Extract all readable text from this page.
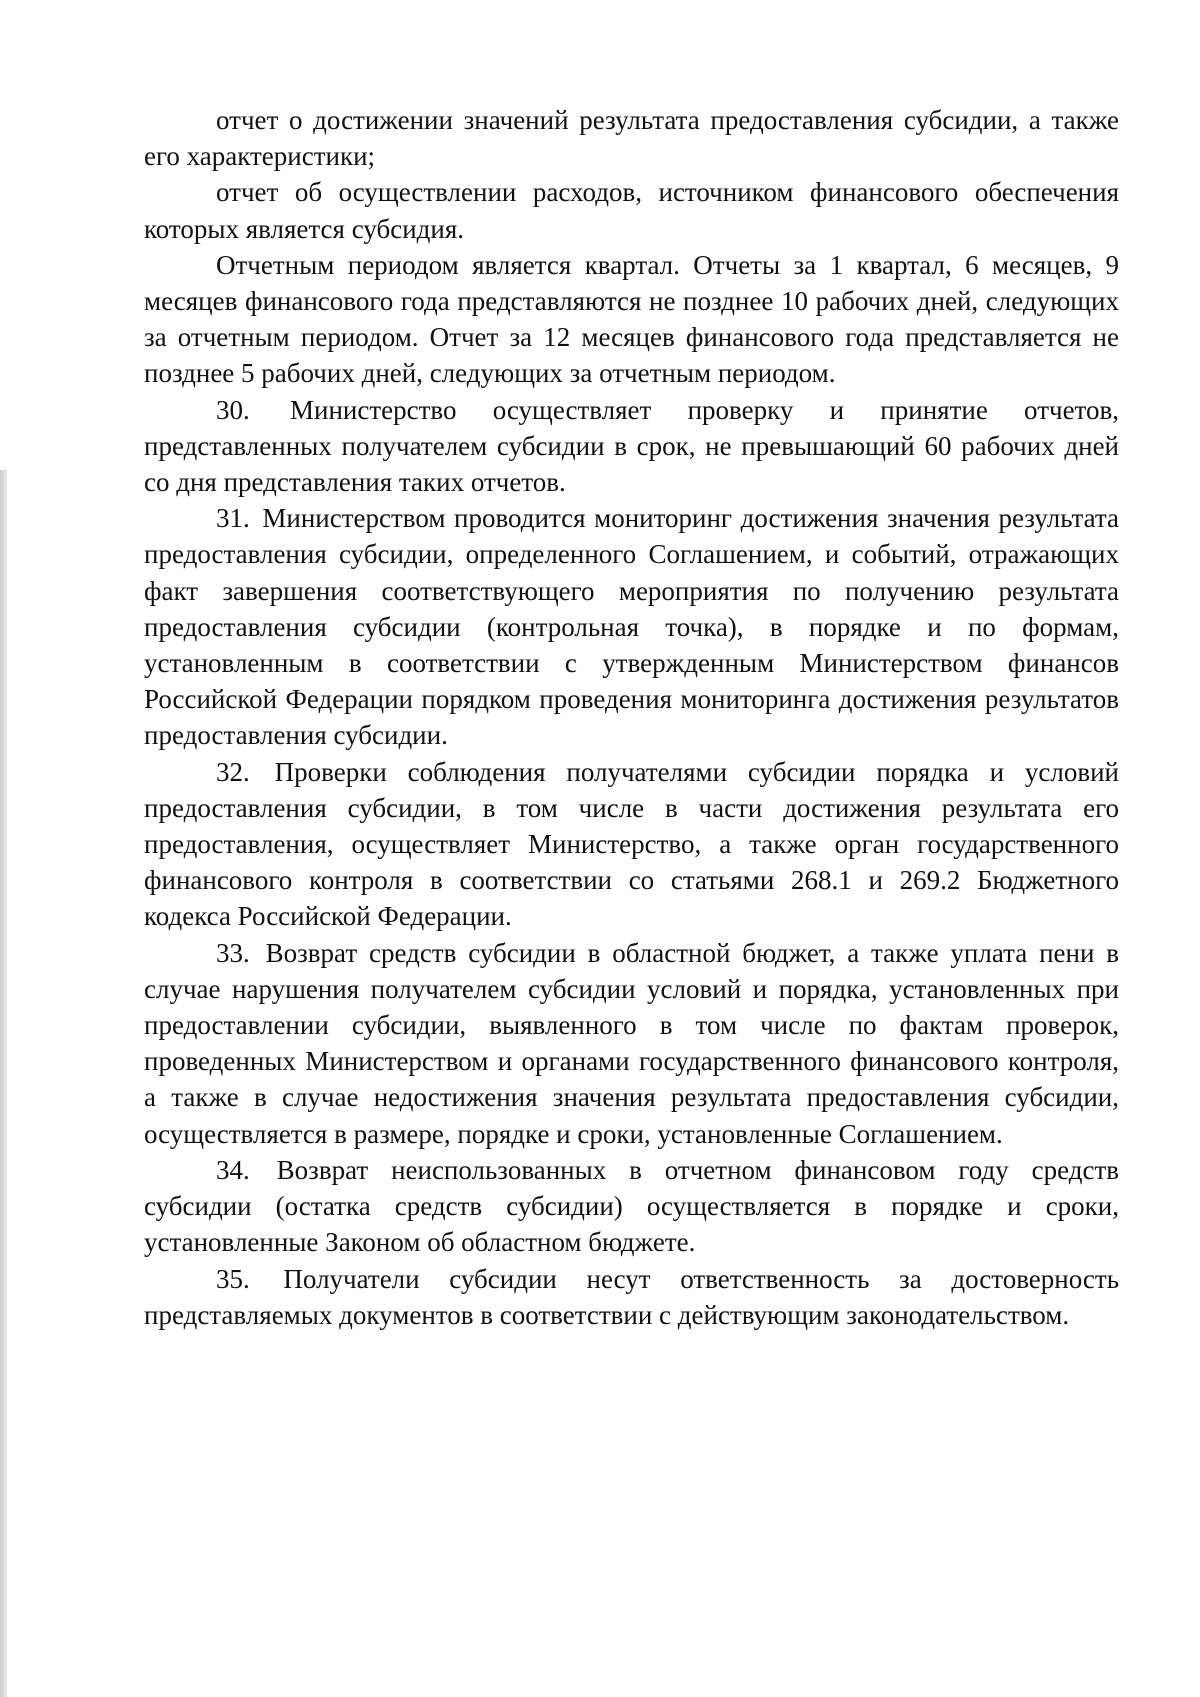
отчет о достижении значений результата предоставления субсидии, а также его характеристики;

отчет об осуществлении расходов, источником финансового обеспечения которых является субсидия.

Отчетным периодом является квартал. Отчеты за 1 квартал, 6 месяцев, 9 месяцев финансового года представляются не позднее 10 рабочих дней, следующих за отчетным периодом. Отчет за 12 месяцев финансового года представляется не позднее 5 рабочих дней, следующих за отчетным периодом.

30. Министерство осуществляет проверку и принятие отчетов, представленных получателем субсидии в срок, не превышающий 60 рабочих дней со дня представления таких отчетов.

31. Министерством проводится мониторинг достижения значения результата предоставления субсидии, определенного Соглашением, и событий, отражающих факт завершения соответствующего мероприятия по получению результата предоставления субсидии (контрольная точка), в порядке и по формам, установленным в соответствии с утвержденным Министерством финансов Российской Федерации порядком проведения мониторинга достижения результатов предоставления субсидии.

32. Проверки соблюдения получателями субсидии порядка и условий предоставления субсидии, в том числе в части достижения результата его предоставления, осуществляет Министерство, а также орган государственного финансового контроля в соответствии со статьями 268.1 и 269.2 Бюджетного кодекса Российской Федерации.

33. Возврат средств субсидии в областной бюджет, а также уплата пени в случае нарушения получателем субсидии условий и порядка, установленных при предоставлении субсидии, выявленного в том числе по фактам проверок, проведенных Министерством и органами государственного финансового контроля, а также в случае недостижения значения результата предоставления субсидии, осуществляется в размере, порядке и сроки, установленные Соглашением.

34. Возврат неиспользованных в отчетном финансовом году средств субсидии (остатка средств субсидии) осуществляется в порядке и сроки, установленные Законом об областном бюджете.

35. Получатели субсидии несут ответственность за достоверность представляемых документов в соответствии с действующим законодательством.
